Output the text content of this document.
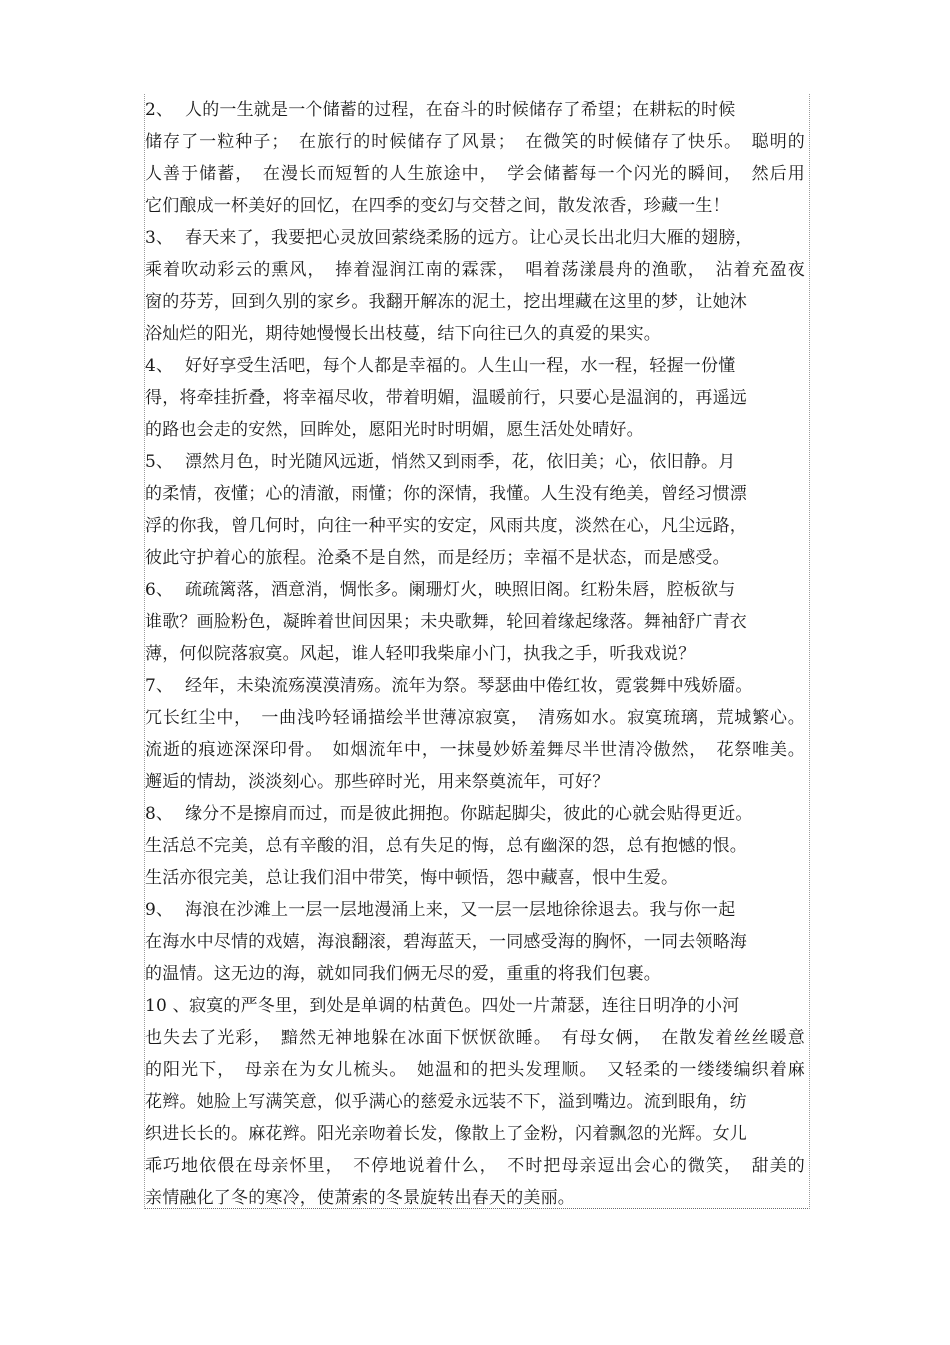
2、 人的一生就是一个储蓄的过程，在奋斗的时候储存了希望；在耕耘的时候
储存了一粒种子；　在旅行的时候储存了风景；　在微笑的时候储存了快乐。　聪明的
人善于储蓄，　在漫长而短暂的人生旅途中，　学会储蓄每一个闪光的瞬间，　然后用
它们酿成一杯美好的回忆，在四季的变幻与交替之间，散发浓香，珍藏一生！
3、 春天来了，我要把心灵放回萦绕柔肠的远方。让心灵长出北归大雁的翅膀，
乘着吹动彩云的熏风，　捧着湿润江南的霖霂，　唱着荡漾晨舟的渔歌，　沾着充盈夜
窗的芬芳，回到久别的家乡。我翻开解冻的泥土，挖出埋藏在这里的梦，让她沐
浴灿烂的阳光，期待她慢慢长出枝蔓，结下向往已久的真爱的果实。
4、 好好享受生活吧，每个人都是幸福的。人生山一程，水一程，轻握一份懂
得，将牵挂折叠，将幸福尽收，带着明媚，温暖前行，只要心是温润的，再遥远
的路也会走的安然，回眸处，愿阳光时时明媚，愿生活处处晴好。
5、 漂然月色，时光随风远逝，悄然又到雨季，花，依旧美；心，依旧静。月
的柔情，夜懂；心的清澈，雨懂；你的深情，我懂。人生没有绝美，曾经习惯漂
浮的你我，曾几何时，向往一种平实的安定，风雨共度，淡然在心，凡尘远路，
彼此守护着心的旅程。沧桑不是自然，而是经历；幸福不是状态，而是感受。
6、 疏疏篱落，酒意消，惆怅多。阑珊灯火，映照旧阁。红粉朱唇，腔板欲与
谁歌？画脸粉色，凝眸着世间因果；未央歌舞，轮回着缘起缘落。舞袖舒广青衣
薄，何似院落寂寞。风起，谁人轻叩我柴扉小门，执我之手，听我戏说？
7、 经年，未染流殇漠漠清殇。流年为祭。琴瑟曲中倦红妆，霓裳舞中残娇靥。
冗长红尘中，　一曲浅吟轻诵描绘半世薄凉寂寞，　清殇如水。寂寞琉璃，荒城繁心。
流逝的痕迹深深印骨。　如烟流年中，一抹曼妙娇羞舞尽半世清冷傲然，　花祭唯美。
邂逅的情劫，淡淡刻心。那些碎时光，用来祭奠流年，可好？
8、 缘分不是擦肩而过，而是彼此拥抱。你踮起脚尖，彼此的心就会贴得更近。
生活总不完美，总有辛酸的泪，总有失足的悔，总有幽深的怨，总有抱憾的恨。
生活亦很完美，总让我们泪中带笑，悔中顿悟，怨中藏喜，恨中生爱。
9、 海浪在沙滩上一层一层地漫涌上来，又一层一层地徐徐退去。我与你一起
在海水中尽情的戏嬉，海浪翻滚，碧海蓝天，一同感受海的胸怀，一同去领略海
的温情。这无边的海，就如同我们俩无尽的爱，重重的将我们包裹。
10 、寂寞的严冬里，到处是单调的枯黄色。四处一片萧瑟，连往日明净的小河
也失去了光彩，　黯然无神地躲在冰面下恹恹欲睡。　有母女俩，　在散发着丝丝暖意
的阳光下，　母亲在为女儿梳头。　她温和的把头发理顺。　又轻柔的一缕缕编织着麻
花辫。她脸上写满笑意，似乎满心的慈爱永远装不下，溢到嘴边。流到眼角，纺
织进长长的。麻花辫。阳光亲吻着长发，像散上了金粉，闪着飘忽的光辉。女儿
乖巧地依偎在母亲怀里，　不停地说着什么，　不时把母亲逗出会心的微笑，　甜美的
亲情融化了冬的寒冷，使萧索的冬景旋转出春天的美丽。
